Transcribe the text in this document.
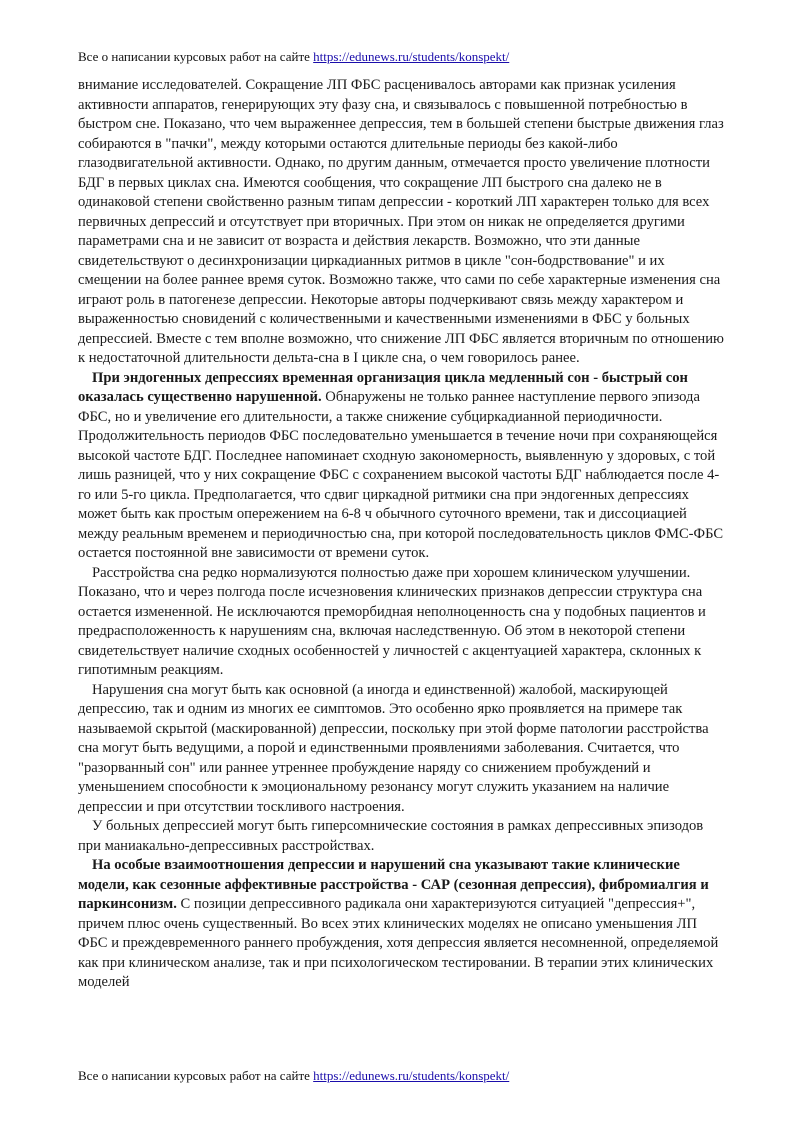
Все о написании курсовых работ на сайте https://edunews.ru/students/konspekt/

внимание исследователей. Сокращение ЛП ФБС расценивалось авторами как признак усиления активности аппаратов, генерирующих эту фазу сна, и связывалось с повышенной потребностью в быстром сне. Показано, что чем выраженнее депрессия, тем в большей степени быстрые движения глаз собираются в "пачки", между которыми остаются длительные периоды без какой-либо глазодвигательной активности. Однако, по другим данным, отмечается просто увеличение плотности БДГ в первых циклах сна. Имеются сообщения, что сокращение ЛП быстрого сна далеко не в одинаковой степени свойственно разным типам депрессии - короткий ЛП характерен только для всех первичных депрессий и отсутствует при вторичных. При этом он никак не определяется другими параметрами сна и не зависит от возраста и действия лекарств. Возможно, что эти данные свидетельствуют о десинхронизации циркадианных ритмов в цикле "сон-бодрствование" и их смещении на более раннее время суток. Возможно также, что сами по себе характерные изменения сна играют роль в патогенезе депрессии. Некоторые авторы подчеркивают связь между характером и выраженностью сновидений с количественными и качественными изменениями в ФБС у больных депрессией. Вместе с тем вполне возможно, что снижение ЛП ФБС является вторичным по отношению к недостаточной длительности дельта-сна в I цикле сна, о чем говорилось ранее.

При эндогенных депрессиях временная организация цикла медленный сон - быстрый сон оказалась существенно нарушенной. Обнаружены не только раннее наступление первого эпизода ФБС, но и увеличение его длительности, а также снижение субциркадианной периодичности. Продолжительность периодов ФБС последовательно уменьшается в течение ночи при сохраняющейся высокой частоте БДГ. Последнее напоминает сходную закономерность, выявленную у здоровых, с той лишь разницей, что у них сокращение ФБС с сохранением высокой частоты БДГ наблюдается после 4-го или 5-го цикла. Предполагается, что сдвиг циркадной ритмики сна при эндогенных депрессиях может быть как простым опережением на 6-8 ч обычного суточного времени, так и диссоциацией между реальным временем и периодичностью сна, при которой последовательность циклов ФМС-ФБС остается постоянной вне зависимости от времени суток.

Расстройства сна редко нормализуются полностью даже при хорошем клиническом улучшении. Показано, что и через полгода после исчезновения клинических признаков депрессии структура сна остается измененной. Не исключаются преморбидная неполноценность сна у подобных пациентов и предрасположенность к нарушениям сна, включая наследственную. Об этом в некоторой степени свидетельствует наличие сходных особенностей у личностей с акцентуацией характера, склонных к гипотимным реакциям.

Нарушения сна могут быть как основной (а иногда и единственной) жалобой, маскирующей депрессию, так и одним из многих ее симптомов. Это особенно ярко проявляется на примере так называемой скрытой (маскированной) депрессии, поскольку при этой форме патологии расстройства сна могут быть ведущими, а порой и единственными проявлениями заболевания. Считается, что "разорванный сон" или раннее утреннее пробуждение наряду со снижением пробуждений и уменьшением способности к эмоциональному резонансу могут служить указанием на наличие депрессии и при отсутствии тоскливого настроения.

У больных депрессией могут быть гиперсомнические состояния в рамках депрессивных эпизодов при маниакально-депрессивных расстройствах.

На особые взаимоотношения депрессии и нарушений сна указывают такие клинические модели, как сезонные аффективные расстройства - САР (сезонная депрессия), фибромиалгия и паркинсонизм. С позиции депрессивного радикала они характеризуются ситуацией "депрессия+", причем плюс очень существенный. Во всех этих клинических моделях не описано уменьшения ЛП ФБС и преждевременного раннего пробуждения, хотя депрессия является несомненной, определяемой как при клиническом анализе, так и при психологическом тестировании. В терапии этих клинических моделей

Все о написании курсовых работ на сайте https://edunews.ru/students/konspekt/
